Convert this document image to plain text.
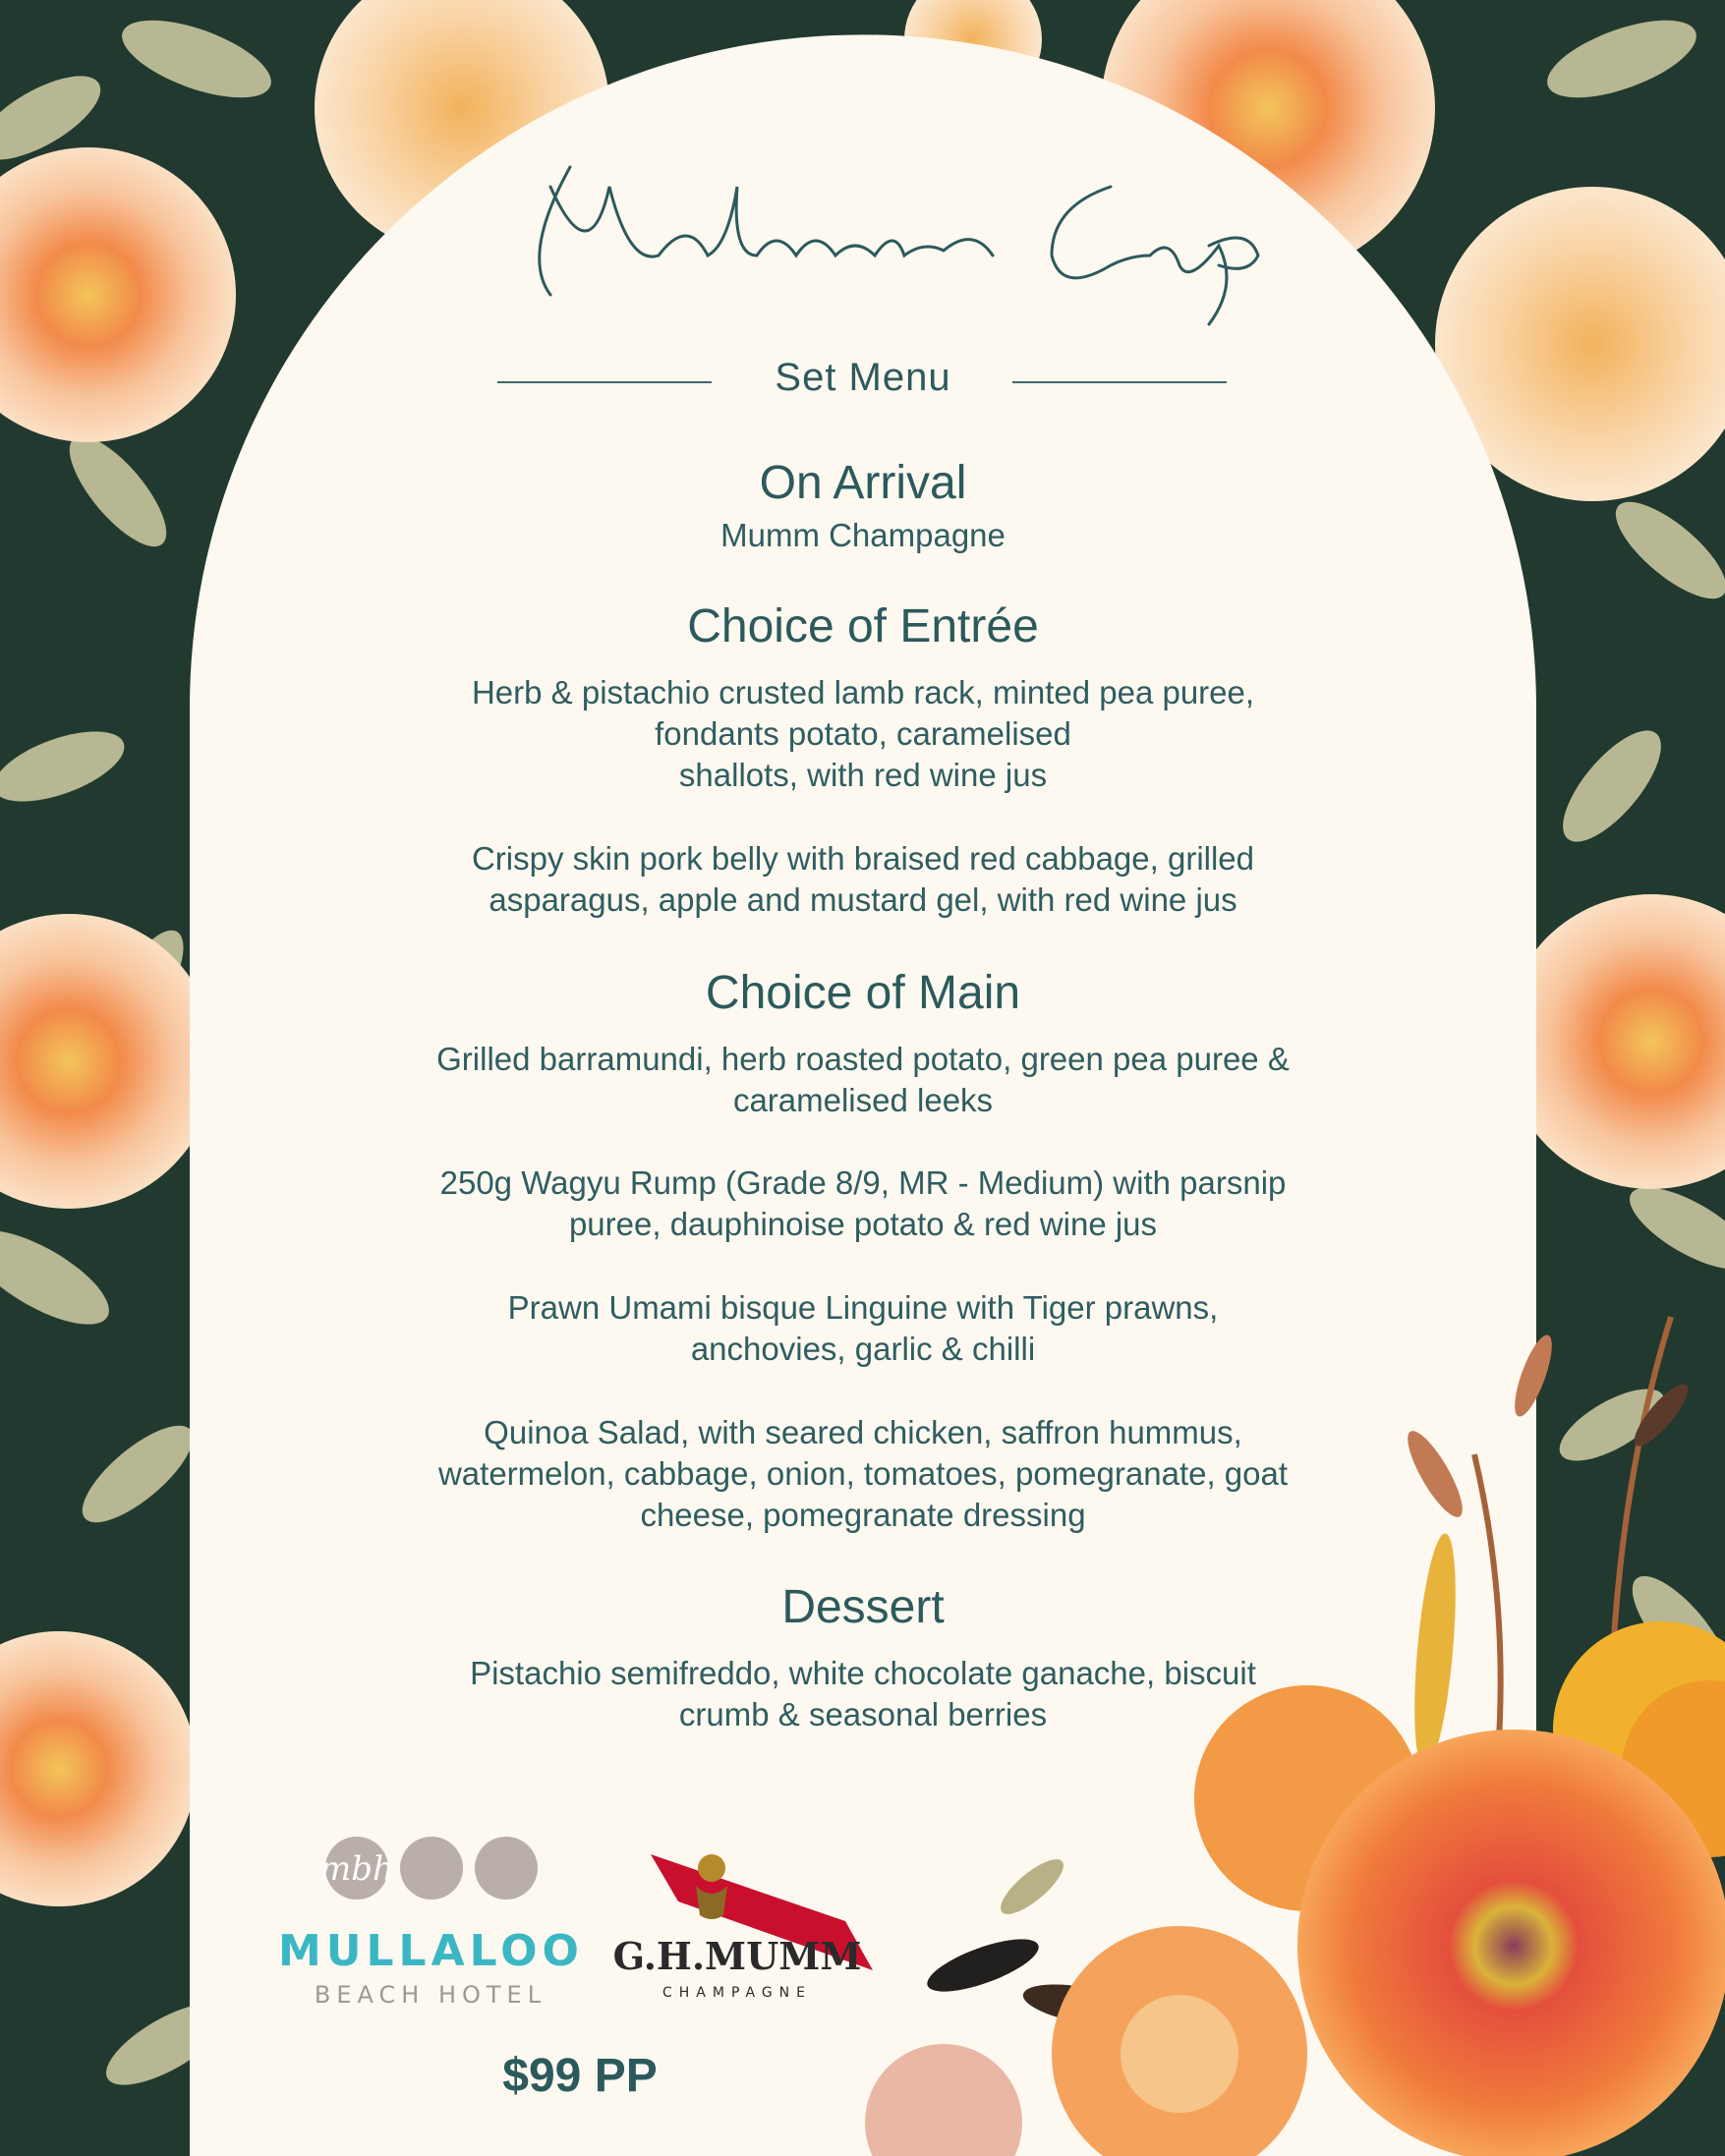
Melbourne Cup
Set Menu
On Arrival
Mumm Champagne
Choice of Entrée
Herb & pistachio crusted lamb rack, minted pea puree,
fondants potato, caramelised
shallots, with red wine jus
Crispy skin pork belly with braised red cabbage, grilled
asparagus, apple and mustard gel, with red wine jus
Choice of Main
Grilled barramundi, herb roasted potato, green pea puree &
caramelised leeks
250g Wagyu Rump (Grade 8/9, MR - Medium) with parsnip
puree, dauphinoise potato & red wine jus
Prawn Umami bisque Linguine with Tiger prawns,
anchovies, garlic & chilli
Quinoa Salad, with seared chicken, saffron hummus,
watermelon, cabbage, onion, tomatoes, pomegranate, goat
cheese, pomegranate dressing
Dessert
Pistachio semifreddo, white chocolate ganache, biscuit
crumb & seasonal berries
mbh
MULLALOO
BEACH HOTEL
G.H.MUMM
CHAMPAGNE
$99 PP
